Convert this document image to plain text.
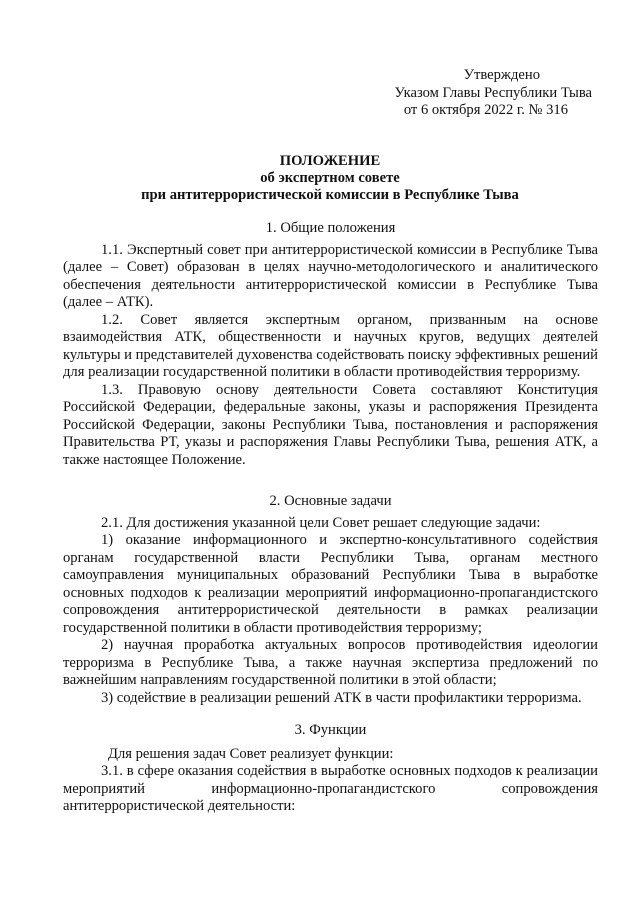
Утверждено
Указом Главы Республики Тыва
от 6 октября 2022 г. № 316
ПОЛОЖЕНИЕ
об экспертном совете
при антитеррористической комиссии в Республике Тыва
1. Общие положения

1.1. Экспертный совет при антитеррористической комиссии в Республике Тыва (далее – Совет) образован в целях научно-методологического и аналитического обеспечения деятельности антитеррористической комиссии в Республике Тыва (далее – АТК).

1.2. Совет является экспертным органом, призванным на основе взаимодействия АТК, общественности и научных кругов, ведущих деятелей культуры и представителей духовенства содействовать поиску эффективных решений для реализации государственной политики в области противодействия терроризму.

1.3. Правовую основу деятельности Совета составляют Конституция Российской Федерации, федеральные законы, указы и распоряжения Президента Российской Федерации, законы Республики Тыва, постановления и распоряжения Правительства РТ, указы и распоряжения Главы Республики Тыва, решения АТК, а также настоящее Положение.

2. Основные задачи

2.1. Для достижения указанной цели Совет решает следующие задачи:

1) оказание информационного и экспертно-консультативного содействия органам государственной власти Республики Тыва, органам местного самоуправления муниципальных образований Республики Тыва в выработке основных подходов к реализации мероприятий информационно-пропагандистского сопровождения антитеррористической деятельности в рамках реализации государственной политики в области противодействия терроризму;

2) научная проработка актуальных вопросов противодействия идеологии терроризма в Республике Тыва, а также научная экспертиза предложений по важнейшим направлениям государственной политики в этой области;

3) содействие в реализации решений АТК в части профилактики терроризма.

3. Функции

Для решения задач Совет реализует функции:

3.1. в сфере оказания содействия в выработке основных подходов к реализации мероприятий информационно-пропагандистского сопровождения антитеррористической деятельности:
